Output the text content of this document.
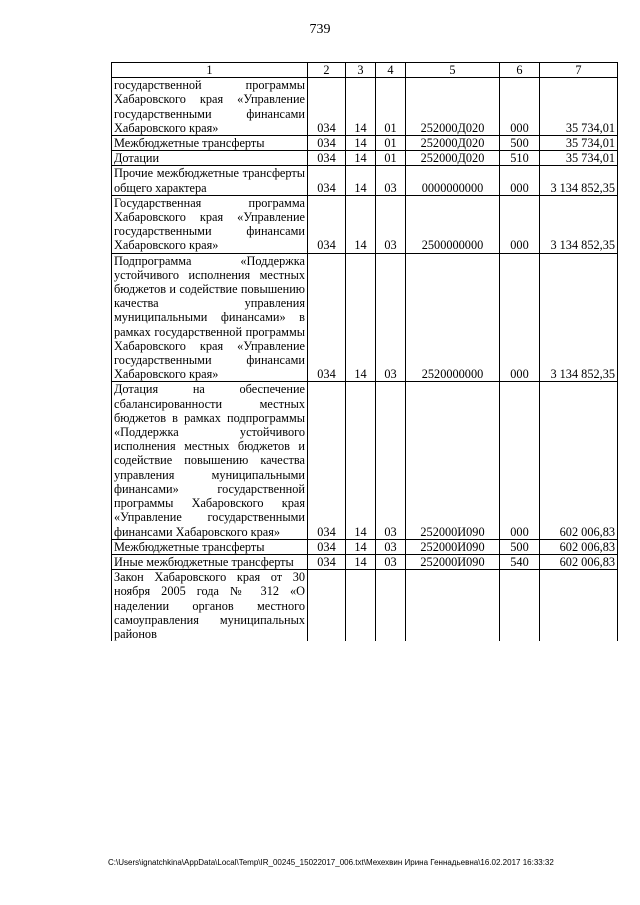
739
1	2	3	4	5	6	7
государственной программы Хабаровского края «Управление государственными финансами Хабаровского края»	034	14	01	252000Д020	000	35 734,01
Межбюджетные трансферты	034	14	01	252000Д020	500	35 734,01
Дотации	034	14	01	252000Д020	510	35 734,01
Прочие межбюджетные трансферты общего характера	034	14	03	0000000000	000	3 134 852,35
Государственная программа Хабаровского края «Управление государственными финансами Хабаровского края»	034	14	03	2500000000	000	3 134 852,35
Подпрограмма «Поддержка устойчивого исполнения местных бюджетов и содействие повышению качества управления муниципальными финансами» в рамках государственной программы Хабаровского края «Управление государственными финансами Хабаровского края»	034	14	03	2520000000	000	3 134 852,35
Дотация на обеспечение сбалансированности местных бюджетов в рамках подпрограммы «Поддержка устойчивого исполнения местных бюджетов и содействие повышению качества управления муниципальными финансами» государственной программы Хабаровского края «Управление государственными финансами Хабаровского края»	034	14	03	252000И090	000	602 006,83
Межбюджетные трансферты	034	14	03	252000И090	500	602 006,83
Иные межбюджетные трансферты	034	14	03	252000И090	540	602 006,83
Закон Хабаровского края от 30 ноября 2005 года № 312 «О наделении органов местного самоуправления муниципальных районов						
C:\Users\ignatchkina\AppData\Local\Temp\IR_00245_15022017_006.txt\Мехехвин Ирина Геннадьевна\16.02.2017 16:33:32
